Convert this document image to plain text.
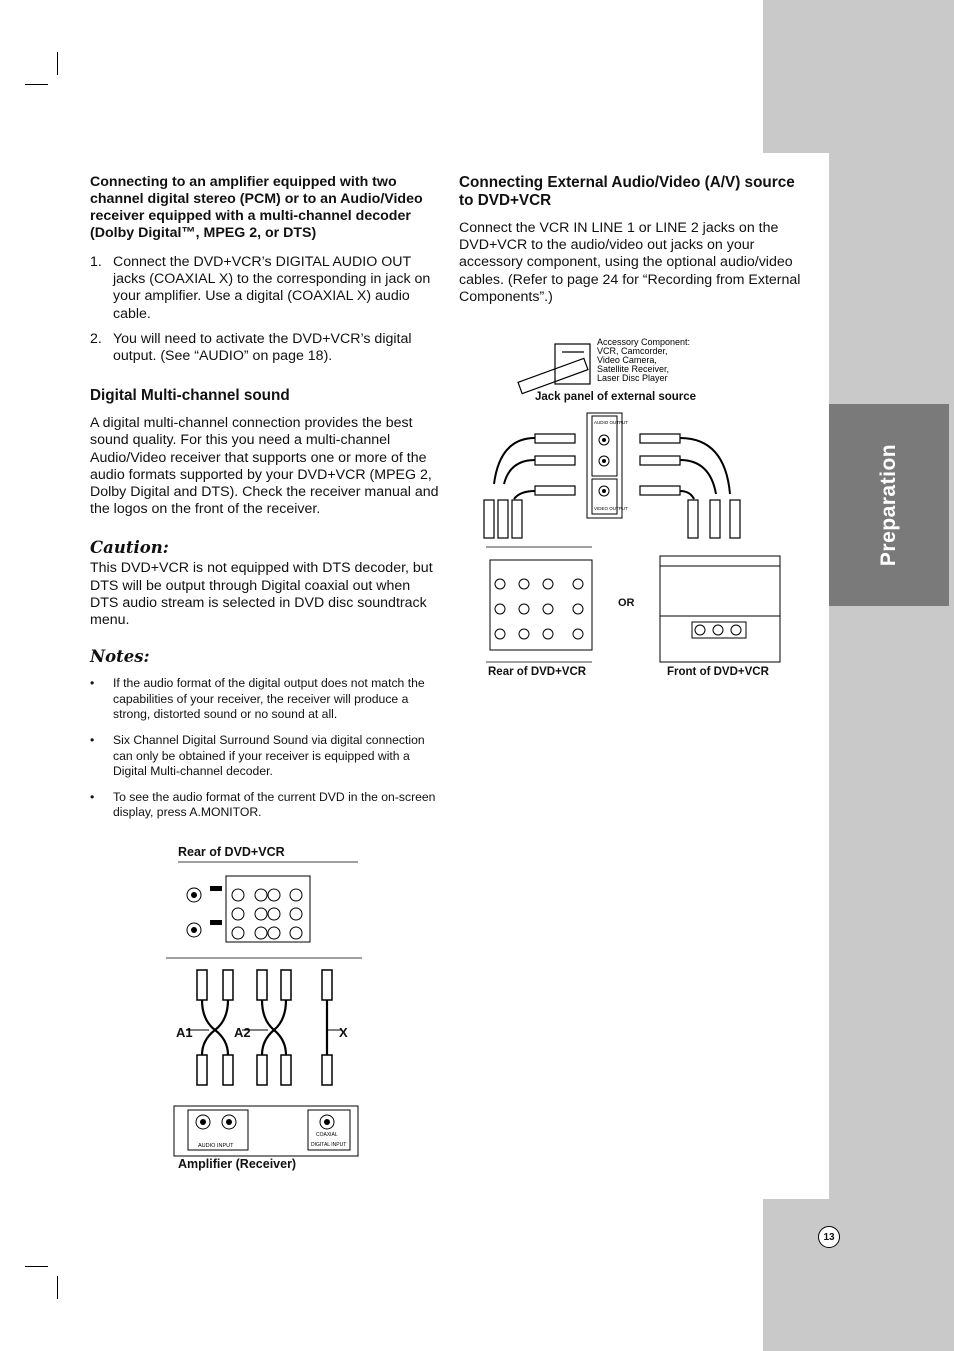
Preparation
13

Connecting to an amplifier equipped with two channel digital stereo (PCM) or to an Audio/Video receiver equipped with a multi-channel decoder (Dolby Digital™, MPEG 2, or DTS)

1. Connect the DVD+VCR’s DIGITAL AUDIO OUT jacks (COAXIAL X) to the corresponding in jack on your amplifier. Use a digital (COAXIAL X) audio cable.
2. You will need to activate the DVD+VCR’s digital output. (See “AUDIO” on page 18).

Digital Multi-channel sound

A digital multi-channel connection provides the best sound quality. For this you need a multi-channel Audio/Video receiver that supports one or more of the audio formats supported by your DVD+VCR (MPEG 2, Dolby Digital and DTS). Check the receiver manual and the logos on the front of the receiver.

Caution:

This DVD+VCR is not equipped with DTS decoder, but DTS will be output through Digital coaxial out when DTS audio stream is selected in DVD disc soundtrack menu.

Notes:

•	If the audio format of the digital output does not match the capabilities of your receiver, the receiver will produce a strong, distorted sound or no sound at all.
•	Six Channel Digital Surround Sound via digital connection can only be obtained if your receiver is equipped with a Digital Multi-channel decoder.
•	To see the audio format of the current DVD in the on-screen display, press A.MONITOR.

Connecting External Audio/Video (A/V) source to DVD+VCR

Connect the VCR IN LINE 1 or LINE 2 jacks on the DVD+VCR to the audio/video out jacks on your accessory component, using the optional audio/video cables. (Refer to page 24 for “Recording from External Components”.)

Rear of DVD+VCR
Amplifier (Receiver)
A1	A2	X
AUDIO INPUT
COAXIAL
DIGITAL INPUT
Accessory Component:
VCR, Camcorder,
Video Camera,
Satellite Receiver,
Laser Disc Player
AUDIO OUTPUT
VIDEO OUTPUT
Jack panel of external source
OR
Rear of DVD+VCR	Front of DVD+VCR
